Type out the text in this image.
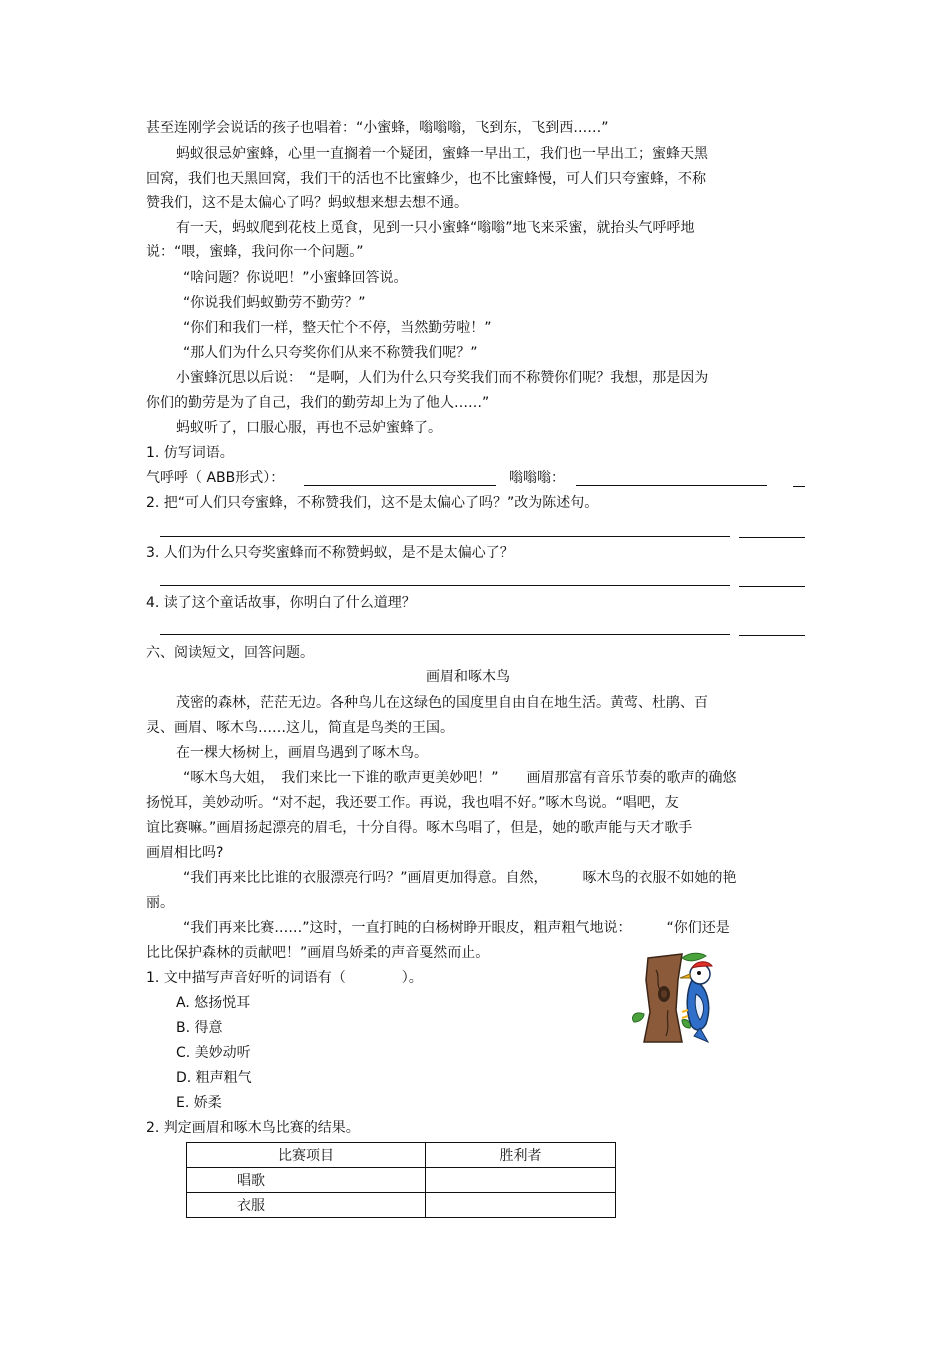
甚至连刚学会说话的孩子也唱着：“小蜜蜂，嗡嗡嗡，飞到东，飞到西……”
蚂蚁很忌妒蜜蜂，心里一直搁着一个疑团，蜜蜂一早出工，我们也一早出工；蜜蜂天黑
回窝，我们也天黑回窝，我们干的活也不比蜜蜂少，也不比蜜蜂慢，可人们只夸蜜蜂，不称
赞我们，这不是太偏心了吗？蚂蚁想来想去想不通。
有一天，蚂蚁爬到花枝上觅食，见到一只小蜜蜂“嗡嗡”地飞来采蜜，就抬头气呼呼地
说：“喂，蜜蜂，我问你一个问题。”
“啥问题？你说吧！”小蜜蜂回答说。
“你说我们蚂蚁勤劳不勤劳？”
“你们和我们一样，整天忙个不停，当然勤劳啦！”
“那人们为什么只夸奖你们从来不称赞我们呢？”
小蜜蜂沉思以后说：　“是啊，人们为什么只夸奖我们而不称赞你们呢？我想，那是因为
你们的勤劳是为了自己，我们的勤劳却上为了他人……”
蚂蚁听了，口服心服，再也不忌妒蜜蜂了。
1. 仿写词语。
气呼呼（ ABB形式）：	嗡嗡嗡：
2. 把“可人们只夸蜜蜂，不称赞我们，这不是太偏心了吗？”改为陈述句。
3. 人们为什么只夸奖蜜蜂而不称赞蚂蚁，是不是太偏心了？
4. 读了这个童话故事，你明白了什么道理？
六、阅读短文，回答问题。
画眉和啄木鸟
茂密的森林，茫茫无边。各种鸟儿在这绿色的国度里自由自在地生活。黄莺、杜鹃、百
灵、画眉、啄木鸟……这儿，简直是鸟类的王国。
在一棵大杨树上，画眉鸟遇到了啄木鸟。
“啄木鸟大姐，　我们来比一下谁的歌声更美妙吧！”　　画眉那富有音乐节奏的歌声的确悠
扬悦耳，美妙动听。“对不起，我还要工作。再说，我也唱不好。”啄木鸟说。“唱吧，友
谊比赛嘛。”画眉扬起漂亮的眉毛，十分自得。啄木鸟唱了，但是，她的歌声能与天才歌手
画眉相比吗?
“我们再来比比谁的衣服漂亮行吗？”画眉更加得意。自然，　　　啄木鸟的衣服不如她的艳
丽。
“我们再来比赛……”这时，一直打盹的白杨树睁开眼皮，粗声粗气地说：　　　“你们还是
比比保护森林的贡献吧！”画眉鸟娇柔的声音戛然而止。
1. 文中描写声音好听的词语有（　　　　）。
A. 悠扬悦耳
B. 得意
C. 美妙动听
D. 粗声粗气
E. 娇柔
2. 判定画眉和啄木鸟比赛的结果。
比赛项目	胜利者
唱歌	
衣服	
